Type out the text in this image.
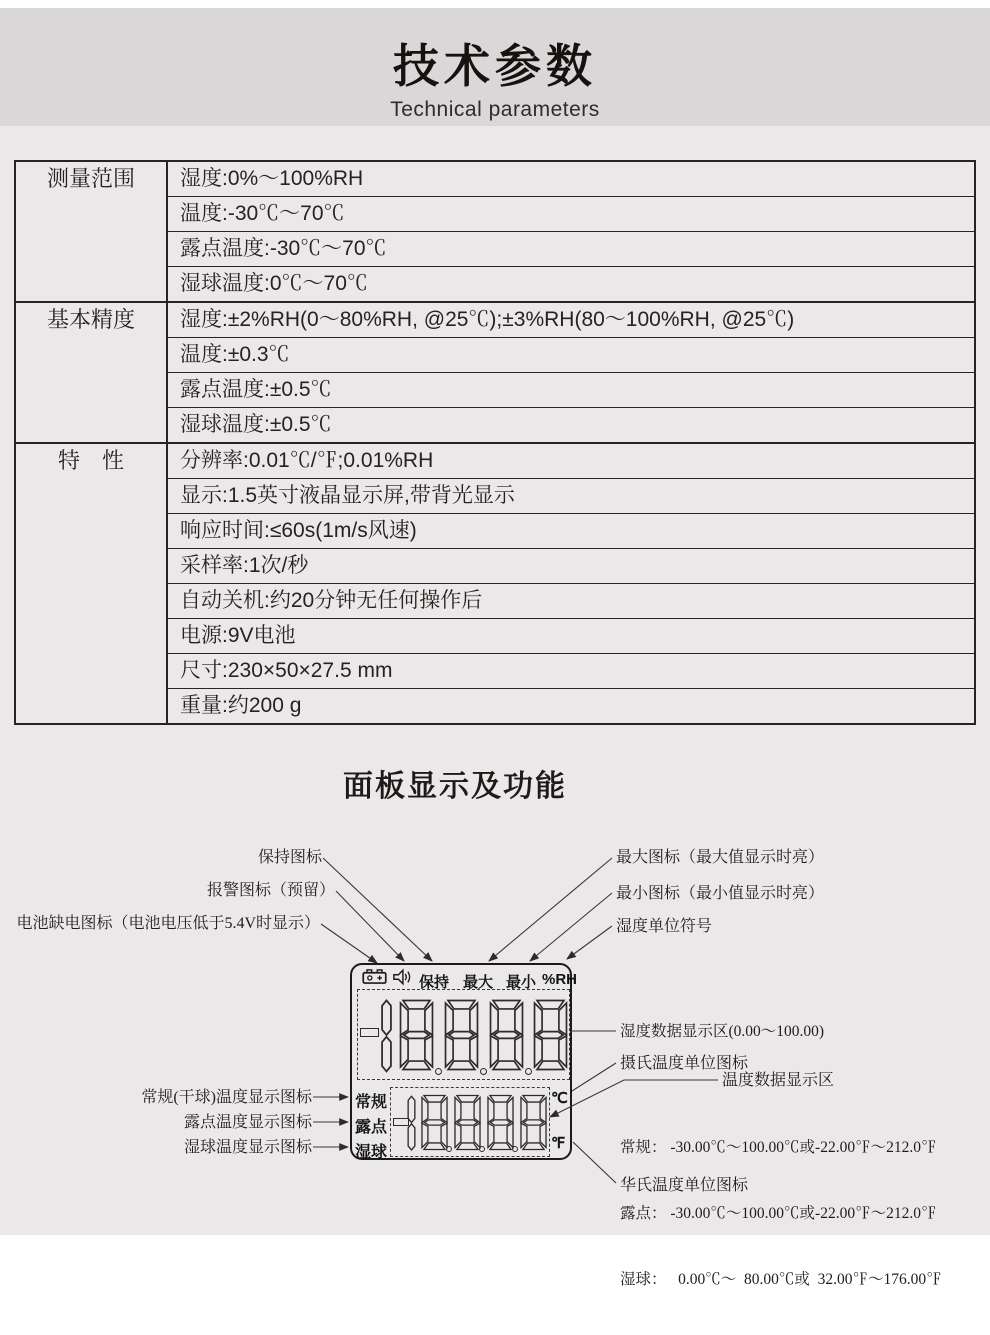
技术参数

Technical parameters

测量范围	湿度:0%～100%RH
	温度:-30℃～70℃
	露点温度:-30℃～70℃
	湿球温度:0℃～70℃
基本精度	湿度:±2%RH(0～80%RH, @25℃);±3%RH(80～100%RH, @25℃)
	温度:±0.3℃
	露点温度:±0.5℃
	湿球温度:±0.5℃
特　性	分辨率:0.01℃/℉;0.01%RH
	显示:1.5英寸液晶显示屏,带背光显示
	响应时间:≤60s(1m/s风速)
	采样率:1次/秒
	自动关机:约20分钟无任何操作后
	电源:9V电池
	尺寸:230×50×27.5 mm
	重量:约200 g
面板显示及功能
保持 最大 最小 %RH
常规
露点
湿球
℃
℉
保持图标
报警图标（预留）
电池缺电图标（电池电压低于5.4V时显示）
最大图标（最大值显示时亮）
最小图标（最小值显示时亮）
湿度单位符号
湿度数据显示区(0.00～100.00)
摄氏温度单位图标
温度数据显示区

常规： -30.00℃～100.00℃或-22.00℉～212.0℉

露点： -30.00℃～100.00℃或-22.00℉～212.0℉

湿球：   0.00℃～  80.00℃或  32.00℉～176.00℉

华氏温度单位图标
常规(干球)温度显示图标
露点温度显示图标
湿球温度显示图标
